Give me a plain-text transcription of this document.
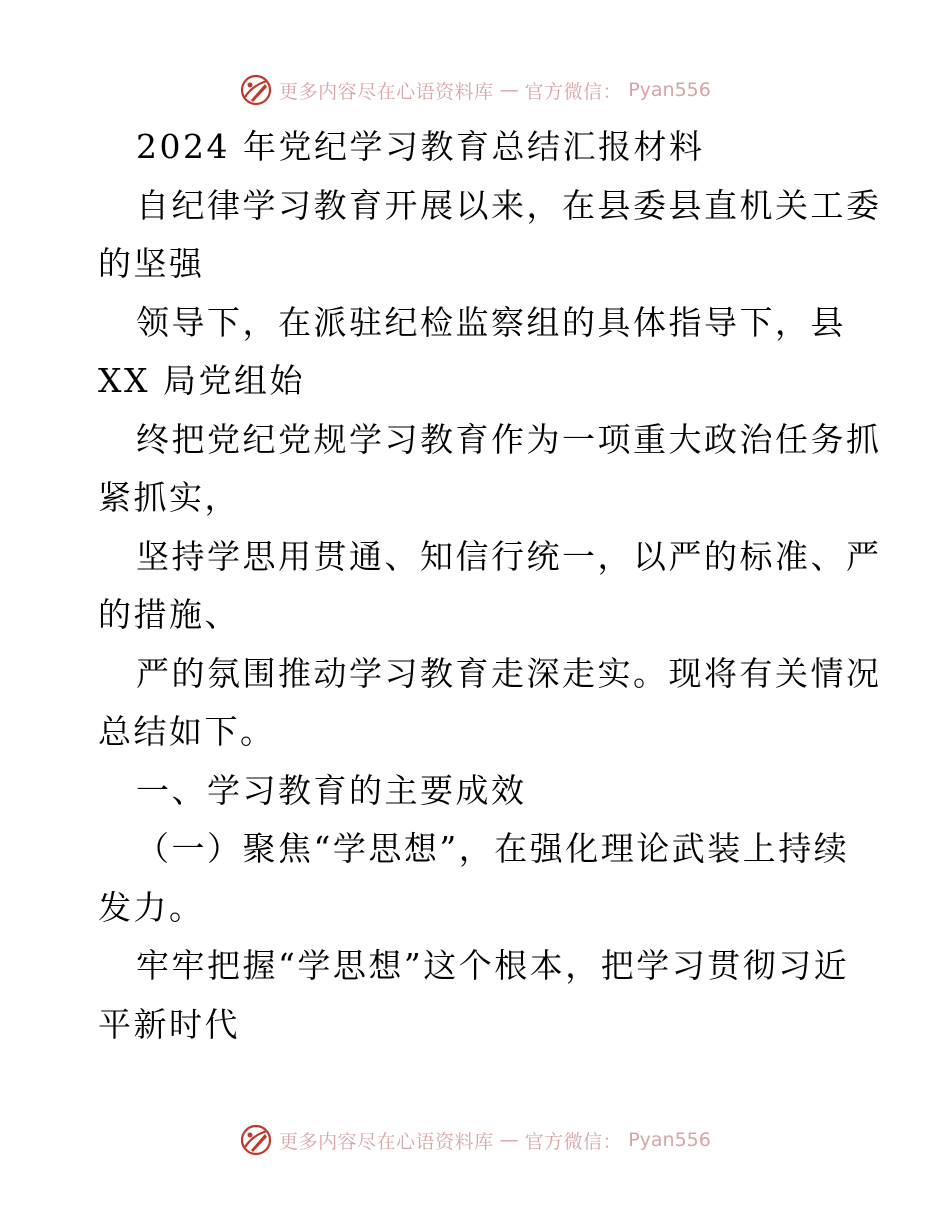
更多内容尽在心语资料库 — 官方微信： Pyan556
2024 年党纪学习教育总结汇报材料
自纪律学习教育开展以来，在县委县直机关工委
的坚强
领导下，在派驻纪检监察组的具体指导下，县
XX 局党组始
终把党纪党规学习教育作为一项重大政治任务抓
紧抓实，
坚持学思用贯通、知信行统一，以严的标准、严
的措施、
严的氛围推动学习教育走深走实。现将有关情况
总结如下。
一、学习教育的主要成效
（一）聚焦“学思想”，在强化理论武装上持续
发力。
牢牢把握“学思想”这个根本，把学习贯彻习近
平新时代
更多内容尽在心语资料库 — 官方微信： Pyan556
